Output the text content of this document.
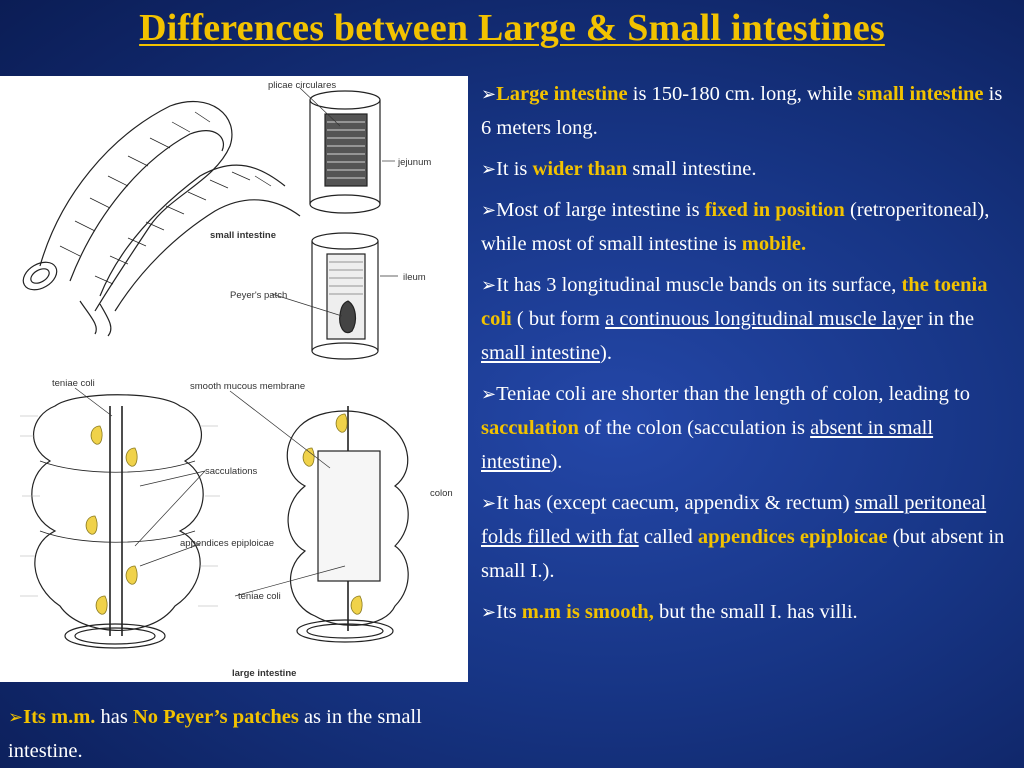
Differences between Large & Small intestines
plicae circulares
jejunum
small intestine
Peyer's patch
ileum
teniae coli	smooth mucous membrane
sacculations
colon
appendices epiploicae
teniae coli
large intestine
➢Large intestine is 150-180 cm. long, while small intestine is 6 meters long.
➢It is wider than small intestine.
➢Most of large intestine is fixed in position (retroperitoneal), while most of small intestine is mobile.
➢It has 3 longitudinal muscle bands on its surface, the toenia coli ( but form a continuous longitudinal muscle layer in the small intestine).
➢Teniae coli are shorter than the length of colon, leading to sacculation of the colon (sacculation is absent in small intestine).
➢It has (except caecum, appendix & rectum) small peritoneal folds filled with fat called appendices epiploicae (but absent in small I.).
➢Its m.m is smooth, but the small I. has villi.
➢Its m.m. has No Peyer’s patches as in the small intestine.
